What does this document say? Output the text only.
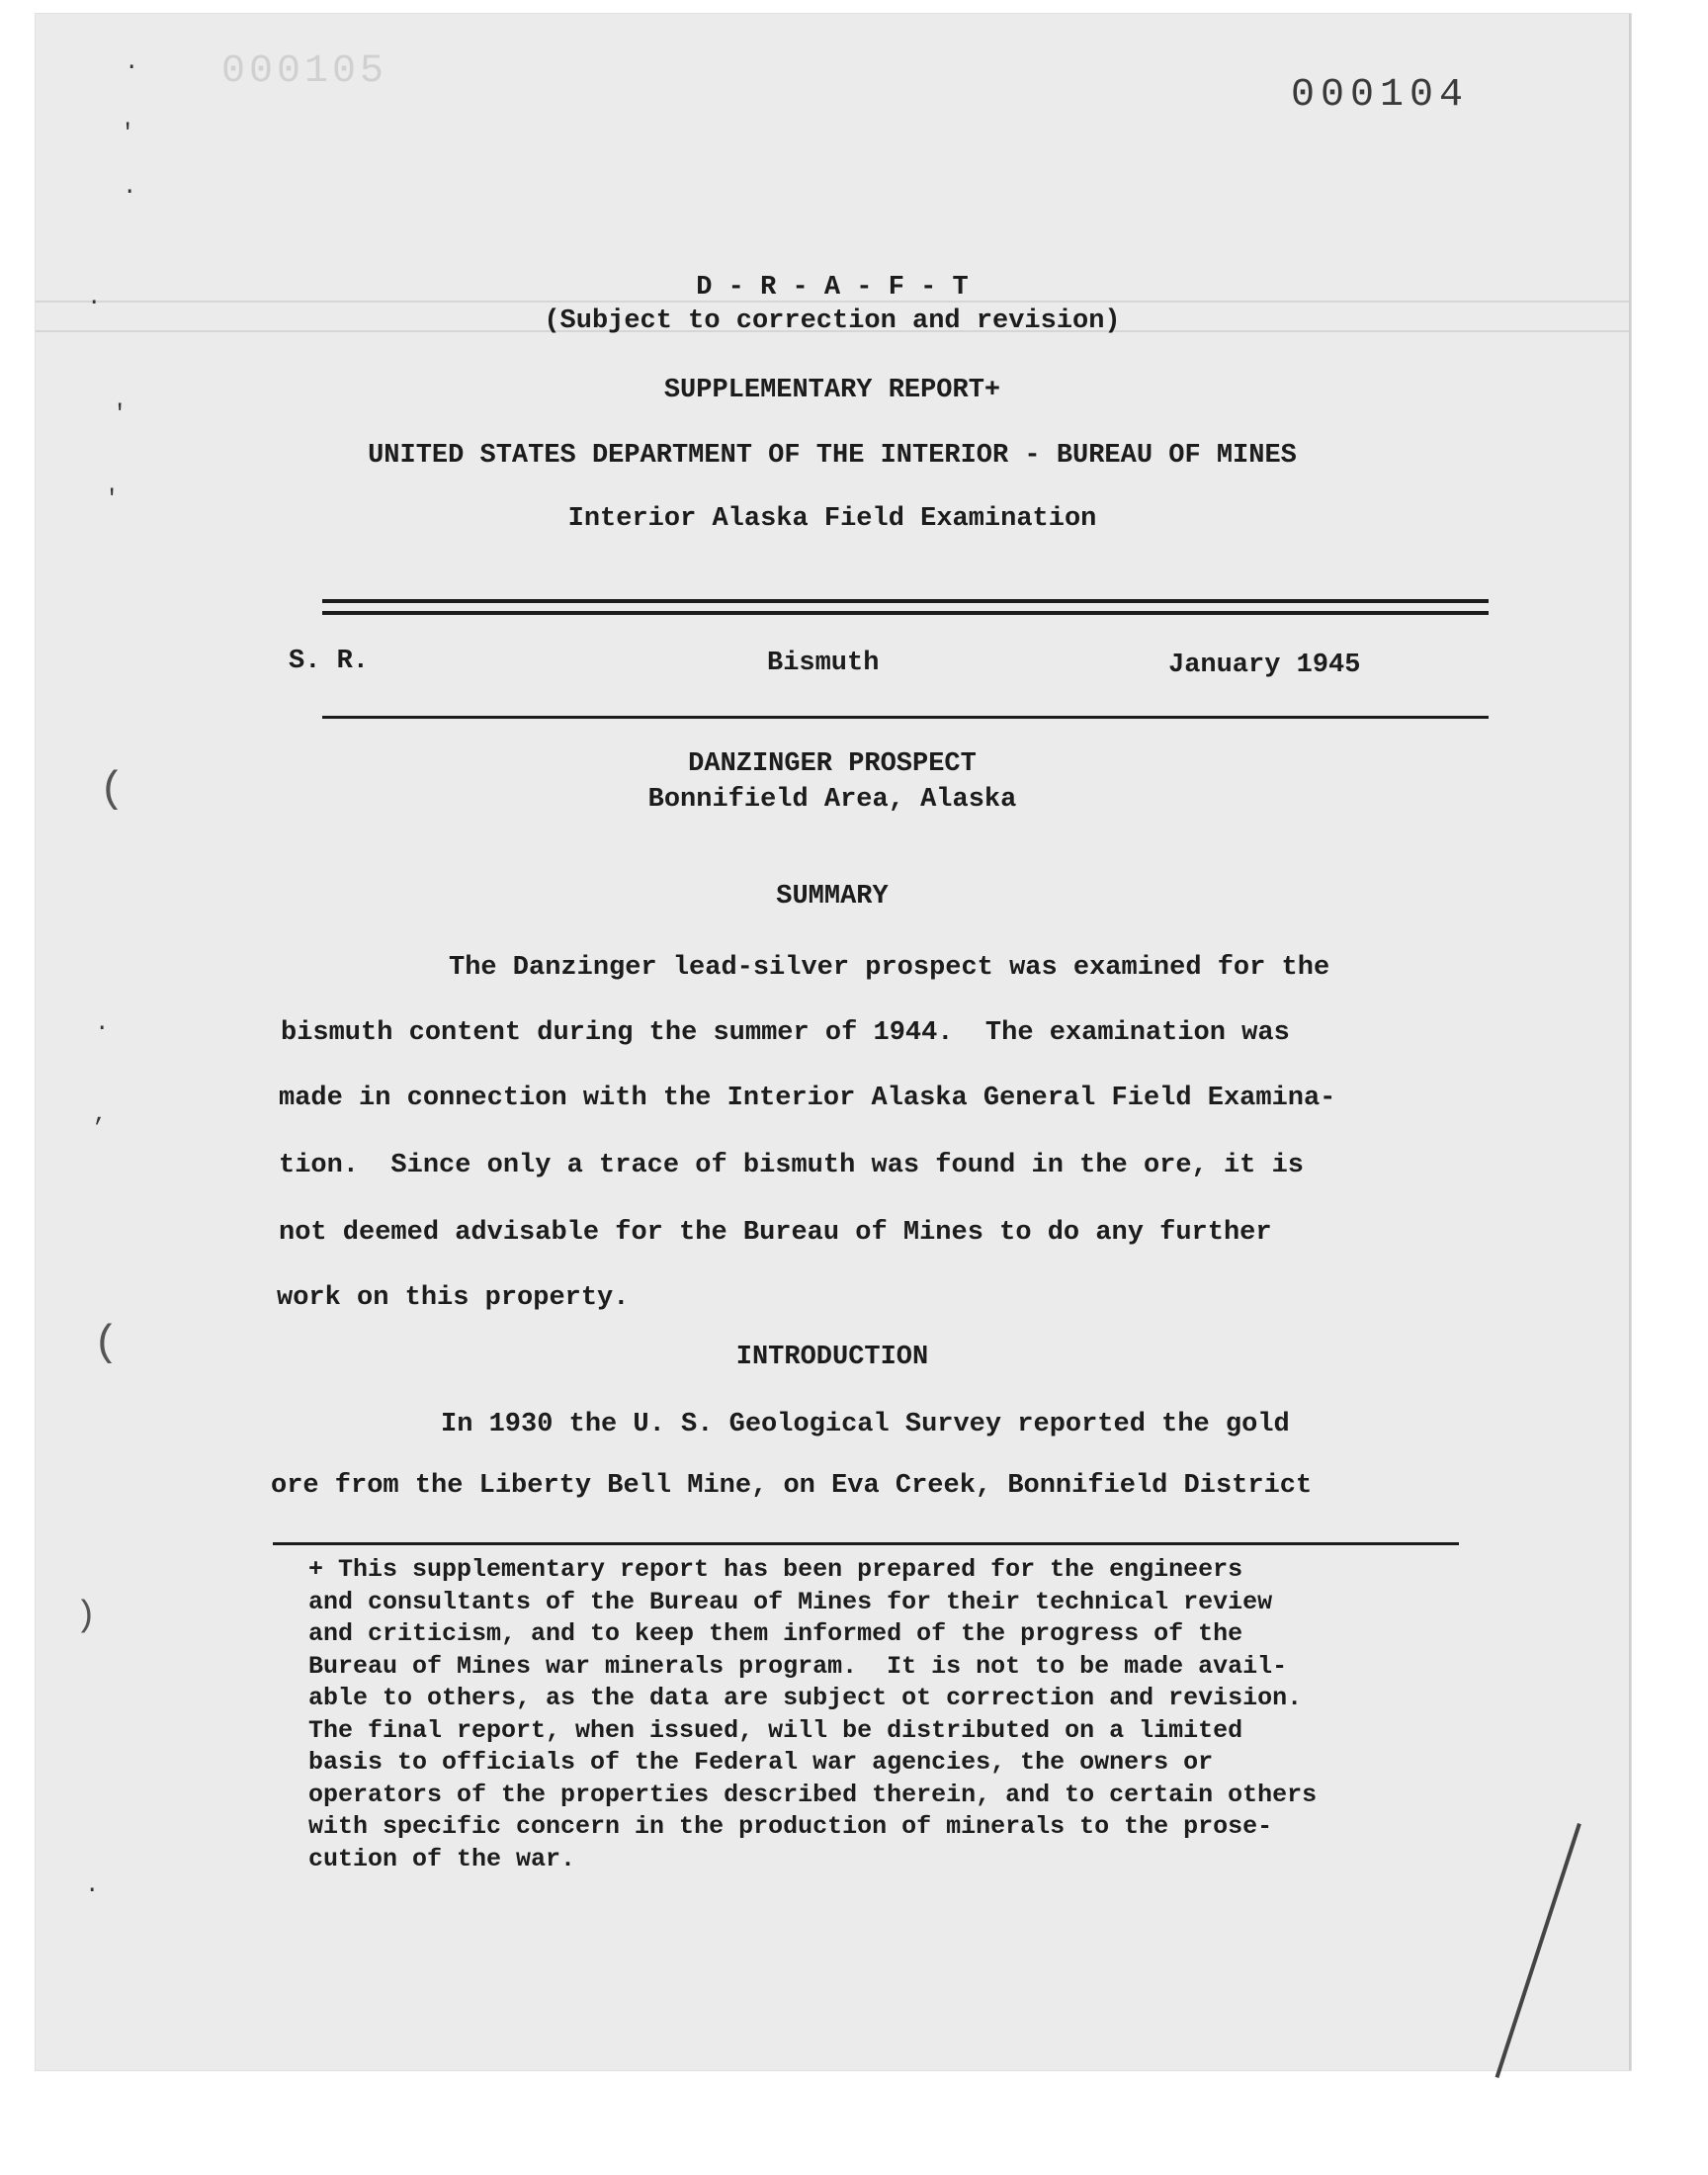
000105
000104
.
'
.
.
'
'
(
.
,
(
)
.
D - R - A - F - T
(Subject to correction and revision)
SUPPLEMENTARY REPORT+
UNITED STATES DEPARTMENT OF THE INTERIOR - BUREAU OF MINES
Interior Alaska Field Examination
S. R.	Bismuth	January 1945
DANZINGER PROSPECT
Bonnifield Area, Alaska
SUMMARY
The Danzinger lead-silver prospect was examined for the
bismuth content during the summer of 1944.  The examination was
made in connection with the Interior Alaska General Field Examina-
tion.  Since only a trace of bismuth was found in the ore, it is
not deemed advisable for the Bureau of Mines to do any further
work on this property.
INTRODUCTION
In 1930 the U. S. Geological Survey reported the gold
ore from the Liberty Bell Mine, on Eva Creek, Bonnifield District
+ This supplementary report has been prepared for the engineers
and consultants of the Bureau of Mines for their technical review
and criticism, and to keep them informed of the progress of the
Bureau of Mines war minerals program.  It is not to be made avail-
able to others, as the data are subject ot correction and revision.
The final report, when issued, will be distributed on a limited
basis to officials of the Federal war agencies, the owners or
operators of the properties described therein, and to certain others
with specific concern in the production of minerals to the prose-
cution of the war.
